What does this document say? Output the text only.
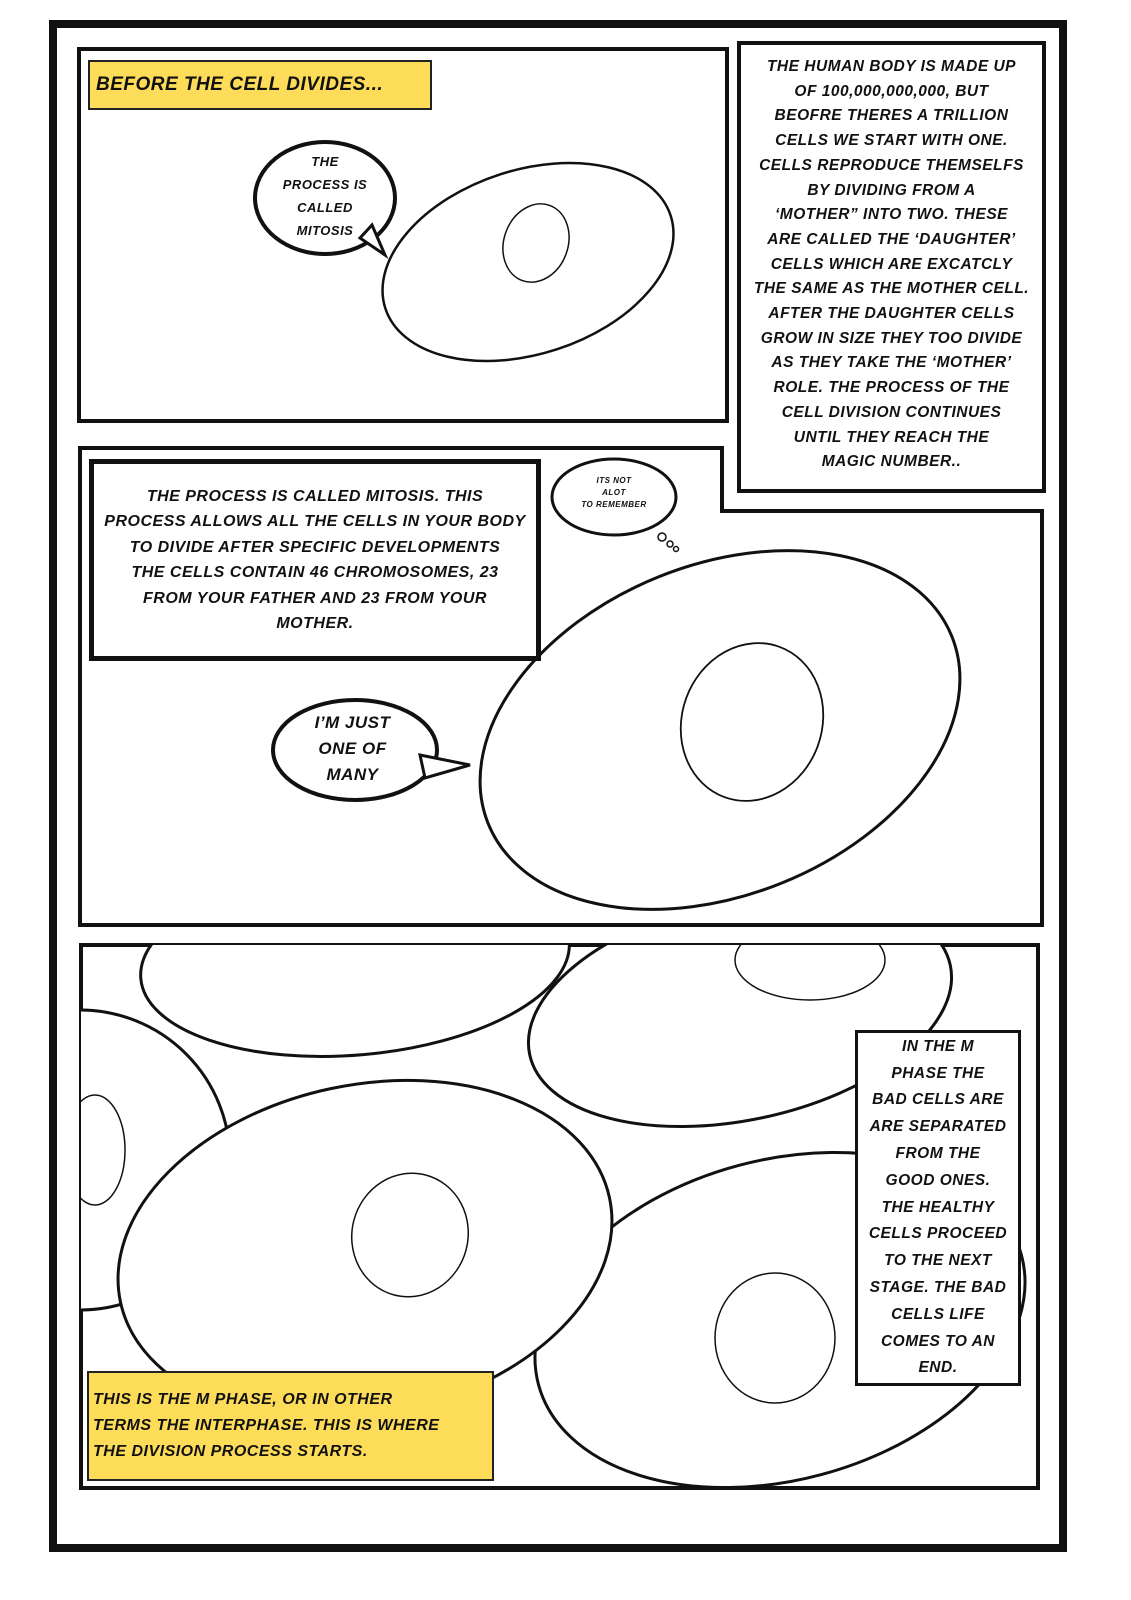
BEFORE THE CELL DIVIDES...
THE
PROCESS IS
CALLED
MITOSIS
THE HUMAN BODY IS MADE UP
OF 100,000,000,000, BUT
BEOFRE THERES A TRILLION
CELLS WE START WITH ONE.
CELLS REPRODUCE THEMSELFS
BY DIVIDING FROM A
‘MOTHER” INTO TWO. THESE
ARE CALLED THE ‘DAUGHTER’
CELLS WHICH ARE EXCATCLY
THE SAME AS THE MOTHER CELL.
AFTER THE DAUGHTER CELLS
GROW IN SIZE THEY TOO DIVIDE
AS THEY TAKE THE ‘MOTHER’
ROLE. THE PROCESS OF THE
CELL DIVISION CONTINUES
UNTIL THEY REACH THE
MAGIC NUMBER..
THE PROCESS IS CALLED MITOSIS. THIS
PROCESS ALLOWS ALL THE CELLS IN YOUR BODY
TO DIVIDE AFTER SPECIFIC DEVELOPMENTS
THE CELLS CONTAIN 46 CHROMOSOMES, 23
FROM YOUR FATHER AND 23 FROM YOUR
MOTHER.
ITS NOT
ALOT
TO REMEMBER
I’M JUST
ONE OF
MANY
IN THE M
PHASE THE
BAD CELLS ARE
ARE SEPARATED
FROM THE
GOOD ONES.
THE HEALTHY
CELLS PROCEED
TO THE NEXT
STAGE. THE BAD
CELLS LIFE
COMES TO AN
END.
THIS IS THE M PHASE, OR IN OTHER
TERMS THE INTERPHASE. THIS IS WHERE
THE DIVISION PROCESS STARTS.
